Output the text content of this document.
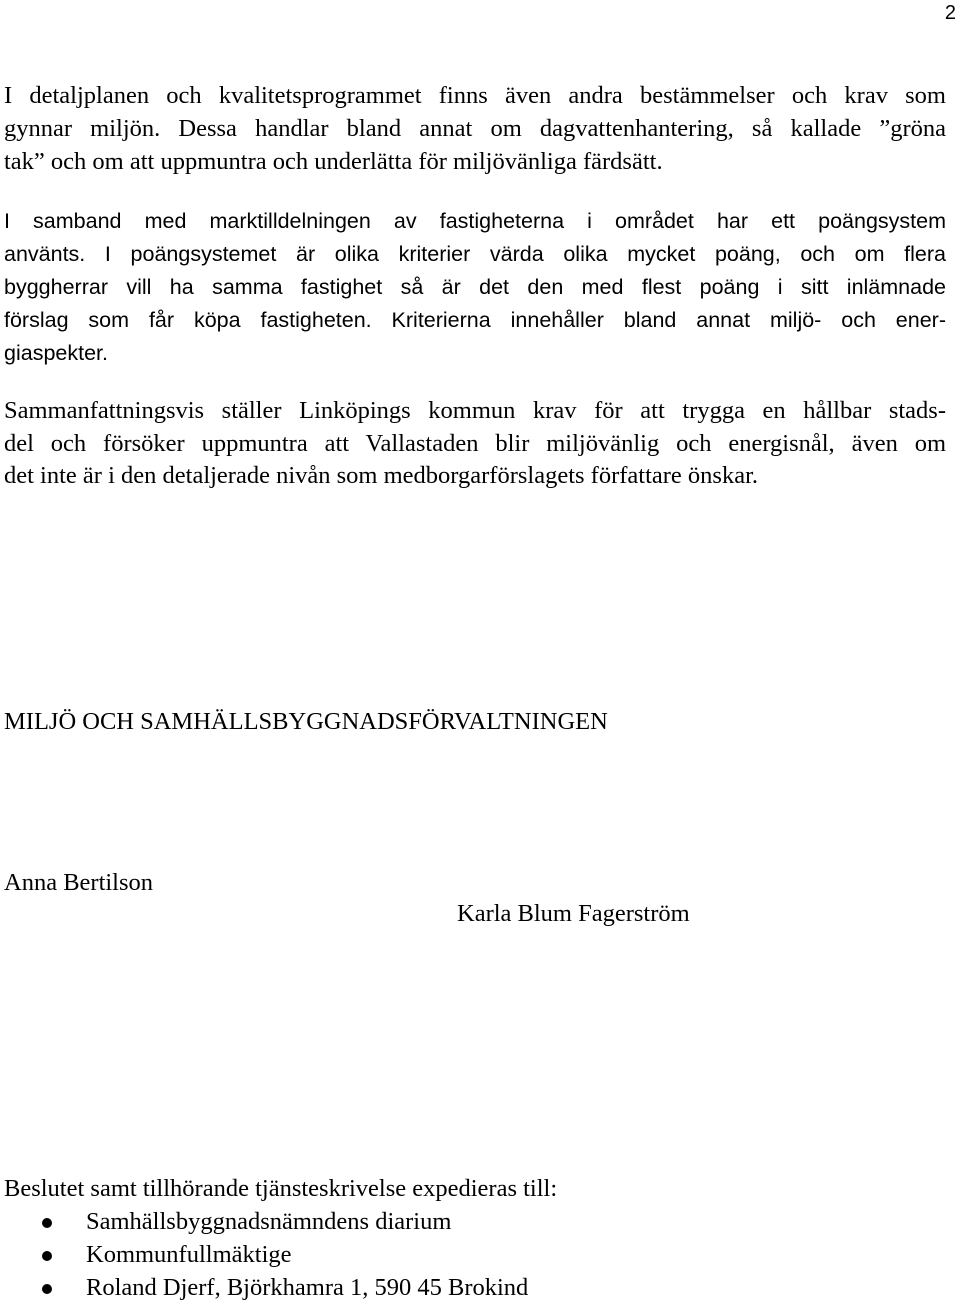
2
I detaljplanen och kvalitetsprogrammet finns även andra bestämmelser och krav som
gynnar miljön. Dessa handlar bland annat om dagvattenhantering, så kallade ”gröna
tak” och om att uppmuntra och underlätta för miljövänliga färdsätt.
I samband med marktilldelningen av fastigheterna i området har ett poängsystem
använts. I poängsystemet är olika kriterier värda olika mycket poäng, och om flera
byggherrar vill ha samma fastighet så är det den med flest poäng i sitt inlämnade
förslag som får köpa fastigheten. Kriterierna innehåller bland annat miljö- och ener-
giaspekter.
Sammanfattningsvis ställer Linköpings kommun krav för att trygga en hållbar stads-
del och försöker uppmuntra att Vallastaden blir miljövänlig och energisnål, även om
det inte är i den detaljerade nivån som medborgarförslagets författare önskar.
MILJÖ OCH SAMHÄLLSBYGGNADSFÖRVALTNINGEN
Anna Bertilson
Karla Blum Fagerström
Beslutet samt tillhörande tjänsteskrivelse expedieras till:
Samhällsbyggnadsnämndens diarium
Kommunfullmäktige
Roland Djerf, Björkhamra 1, 590 45 Brokind
